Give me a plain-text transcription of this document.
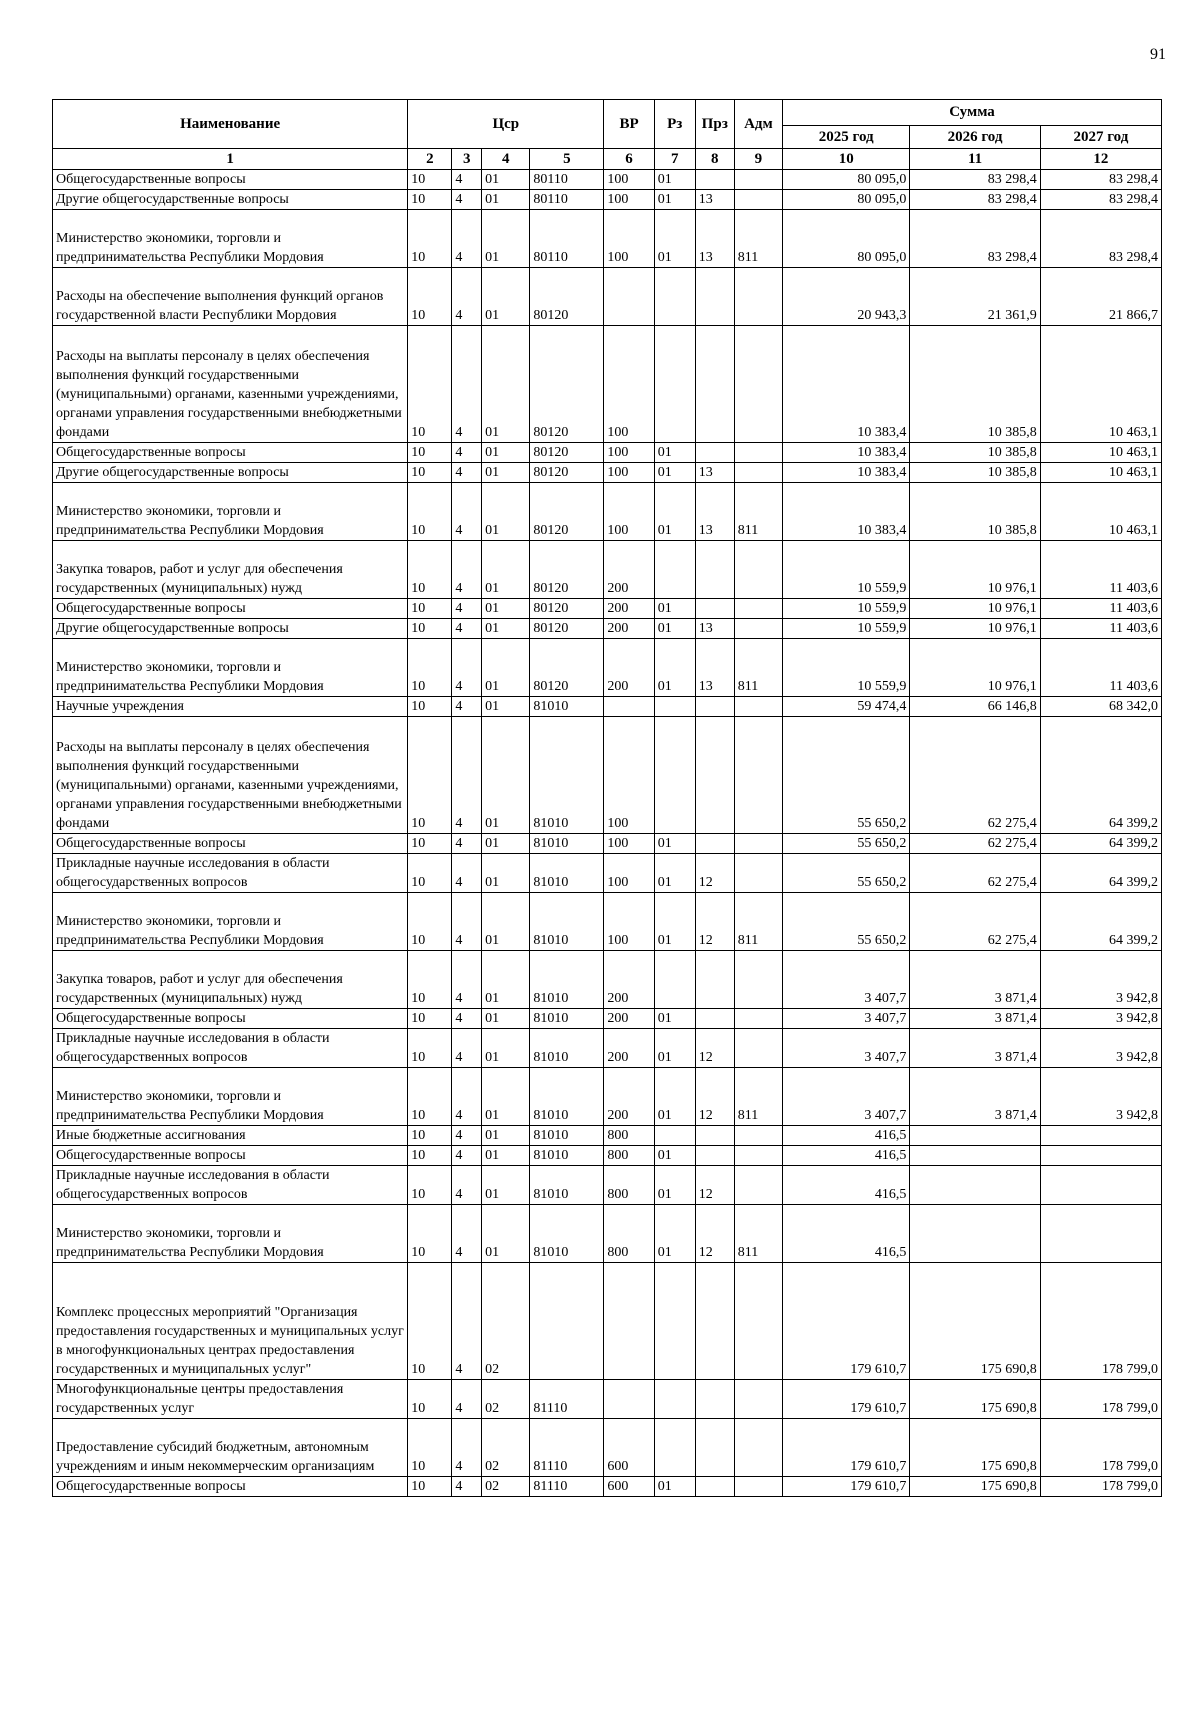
91
Наименование	Цср				ВР	Рз	Прз	Адм	Сумма		
									2025 год	2026 год	2027 год
1	2	3	4	5	6	7	8	9	10	11	12
Общегосударственные вопросы	10	4	01	80110	100	01			80 095,0	83 298,4	83 298,4
Другие общегосударственные вопросы	10	4	01	80110	100	01	13		80 095,0	83 298,4	83 298,4
Министерство экономики, торговли и предпринимательства Республики Мордовия	10	4	01	80110	100	01	13	811	80 095,0	83 298,4	83 298,4
Расходы на обеспечение выполнения функций органов государственной власти Республики Мордовия	10	4	01	80120					20 943,3	21 361,9	21 866,7
Расходы на выплаты персоналу в целях обеспечения выполнения функций государственными (муниципальными) органами, казенными учреждениями, органами управления государственными внебюджетными фондами	10	4	01	80120	100				10 383,4	10 385,8	10 463,1
Общегосударственные вопросы	10	4	01	80120	100	01			10 383,4	10 385,8	10 463,1
Другие общегосударственные вопросы	10	4	01	80120	100	01	13		10 383,4	10 385,8	10 463,1
Министерство экономики, торговли и предпринимательства Республики Мордовия	10	4	01	80120	100	01	13	811	10 383,4	10 385,8	10 463,1
Закупка товаров, работ и услуг для обеспечения государственных (муниципальных) нужд	10	4	01	80120	200				10 559,9	10 976,1	11 403,6
Общегосударственные вопросы	10	4	01	80120	200	01			10 559,9	10 976,1	11 403,6
Другие общегосударственные вопросы	10	4	01	80120	200	01	13		10 559,9	10 976,1	11 403,6
Министерство экономики, торговли и предпринимательства Республики Мордовия	10	4	01	80120	200	01	13	811	10 559,9	10 976,1	11 403,6
Научные учреждения	10	4	01	81010					59 474,4	66 146,8	68 342,0
Расходы на выплаты персоналу в целях обеспечения выполнения функций государственными (муниципальными) органами, казенными учреждениями, органами управления государственными внебюджетными фондами	10	4	01	81010	100				55 650,2	62 275,4	64 399,2
Общегосударственные вопросы	10	4	01	81010	100	01			55 650,2	62 275,4	64 399,2
Прикладные научные исследования в области общегосударственных вопросов	10	4	01	81010	100	01	12		55 650,2	62 275,4	64 399,2
Министерство экономики, торговли и предпринимательства Республики Мордовия	10	4	01	81010	100	01	12	811	55 650,2	62 275,4	64 399,2
Закупка товаров, работ и услуг для обеспечения государственных (муниципальных) нужд	10	4	01	81010	200				3 407,7	3 871,4	3 942,8
Общегосударственные вопросы	10	4	01	81010	200	01			3 407,7	3 871,4	3 942,8
Прикладные научные исследования в области общегосударственных вопросов	10	4	01	81010	200	01	12		3 407,7	3 871,4	3 942,8
Министерство экономики, торговли и предпринимательства Республики Мордовия	10	4	01	81010	200	01	12	811	3 407,7	3 871,4	3 942,8
Иные бюджетные ассигнования	10	4	01	81010	800				416,5		
Общегосударственные вопросы	10	4	01	81010	800	01			416,5		
Прикладные научные исследования в области общегосударственных вопросов	10	4	01	81010	800	01	12		416,5		
Министерство экономики, торговли и предпринимательства Республики Мордовия	10	4	01	81010	800	01	12	811	416,5		
Комплекс процессных мероприятий "Организация предоставления государственных и муниципальных услуг в многофункциональных центрах предоставления государственных и муниципальных услуг"	10	4	02						179 610,7	175 690,8	178 799,0
Многофункциональные центры предоставления государственных услуг	10	4	02	81110					179 610,7	175 690,8	178 799,0
Предоставление субсидий бюджетным, автономным учреждениям и иным некоммерческим организациям	10	4	02	81110	600				179 610,7	175 690,8	178 799,0
Общегосударственные вопросы	10	4	02	81110	600	01			179 610,7	175 690,8	178 799,0
